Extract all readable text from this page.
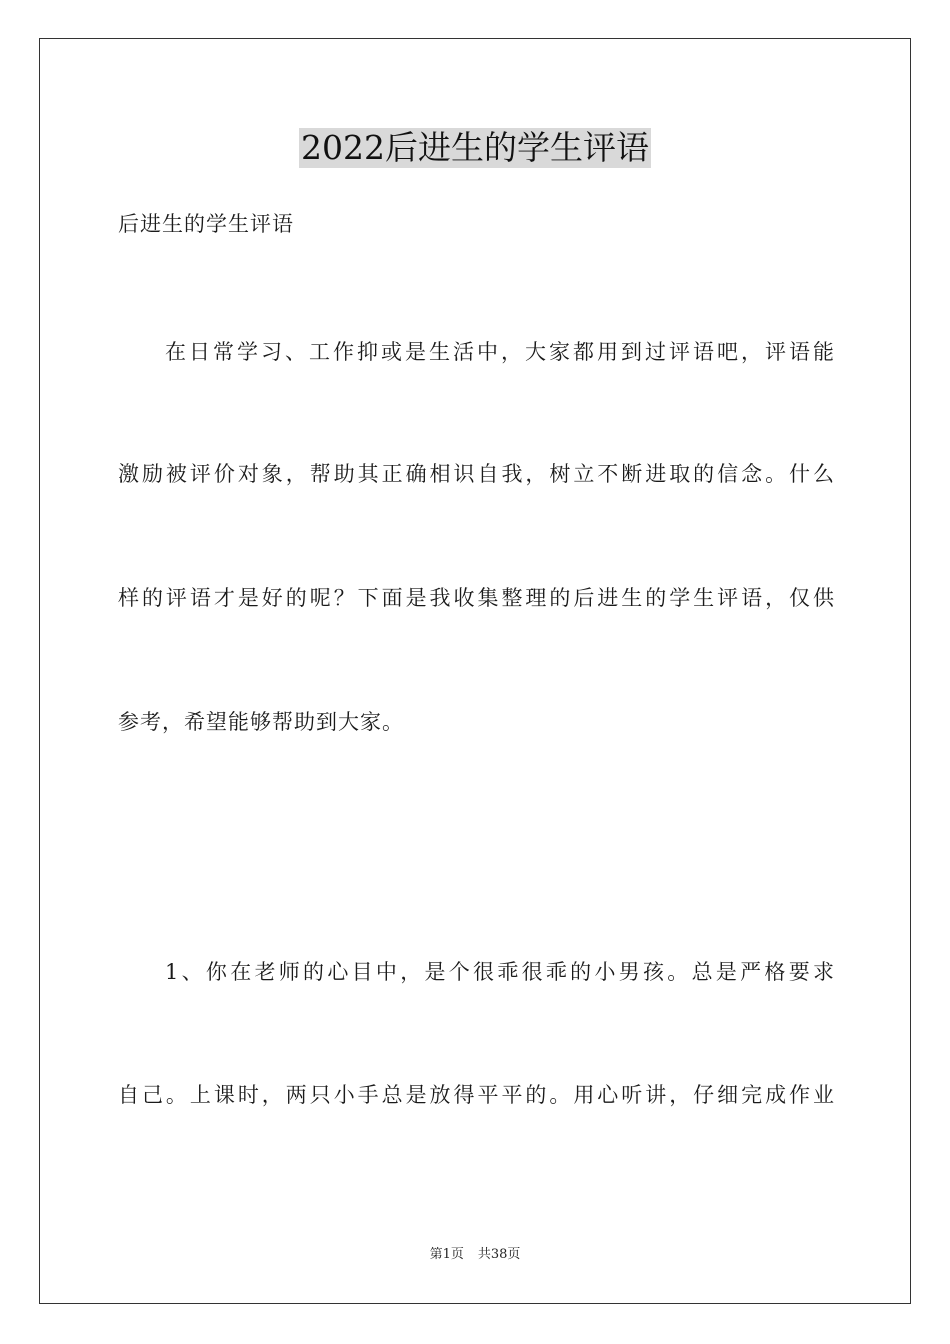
2022后进生的学生评语
后进生的学生评语
在日常学习、工作抑或是生活中，大家都用到过评语吧，评语能
激励被评价对象，帮助其正确相识自我，树立不断进取的信念。什么
样的评语才是好的呢？下面是我收集整理的后进生的学生评语，仅供
参考，希望能够帮助到大家。
1、你在老师的心目中，是个很乖很乖的小男孩。总是严格要求
自己。上课时，两只小手总是放得平平的。用心听讲，仔细完成作业
第1页 共38页
